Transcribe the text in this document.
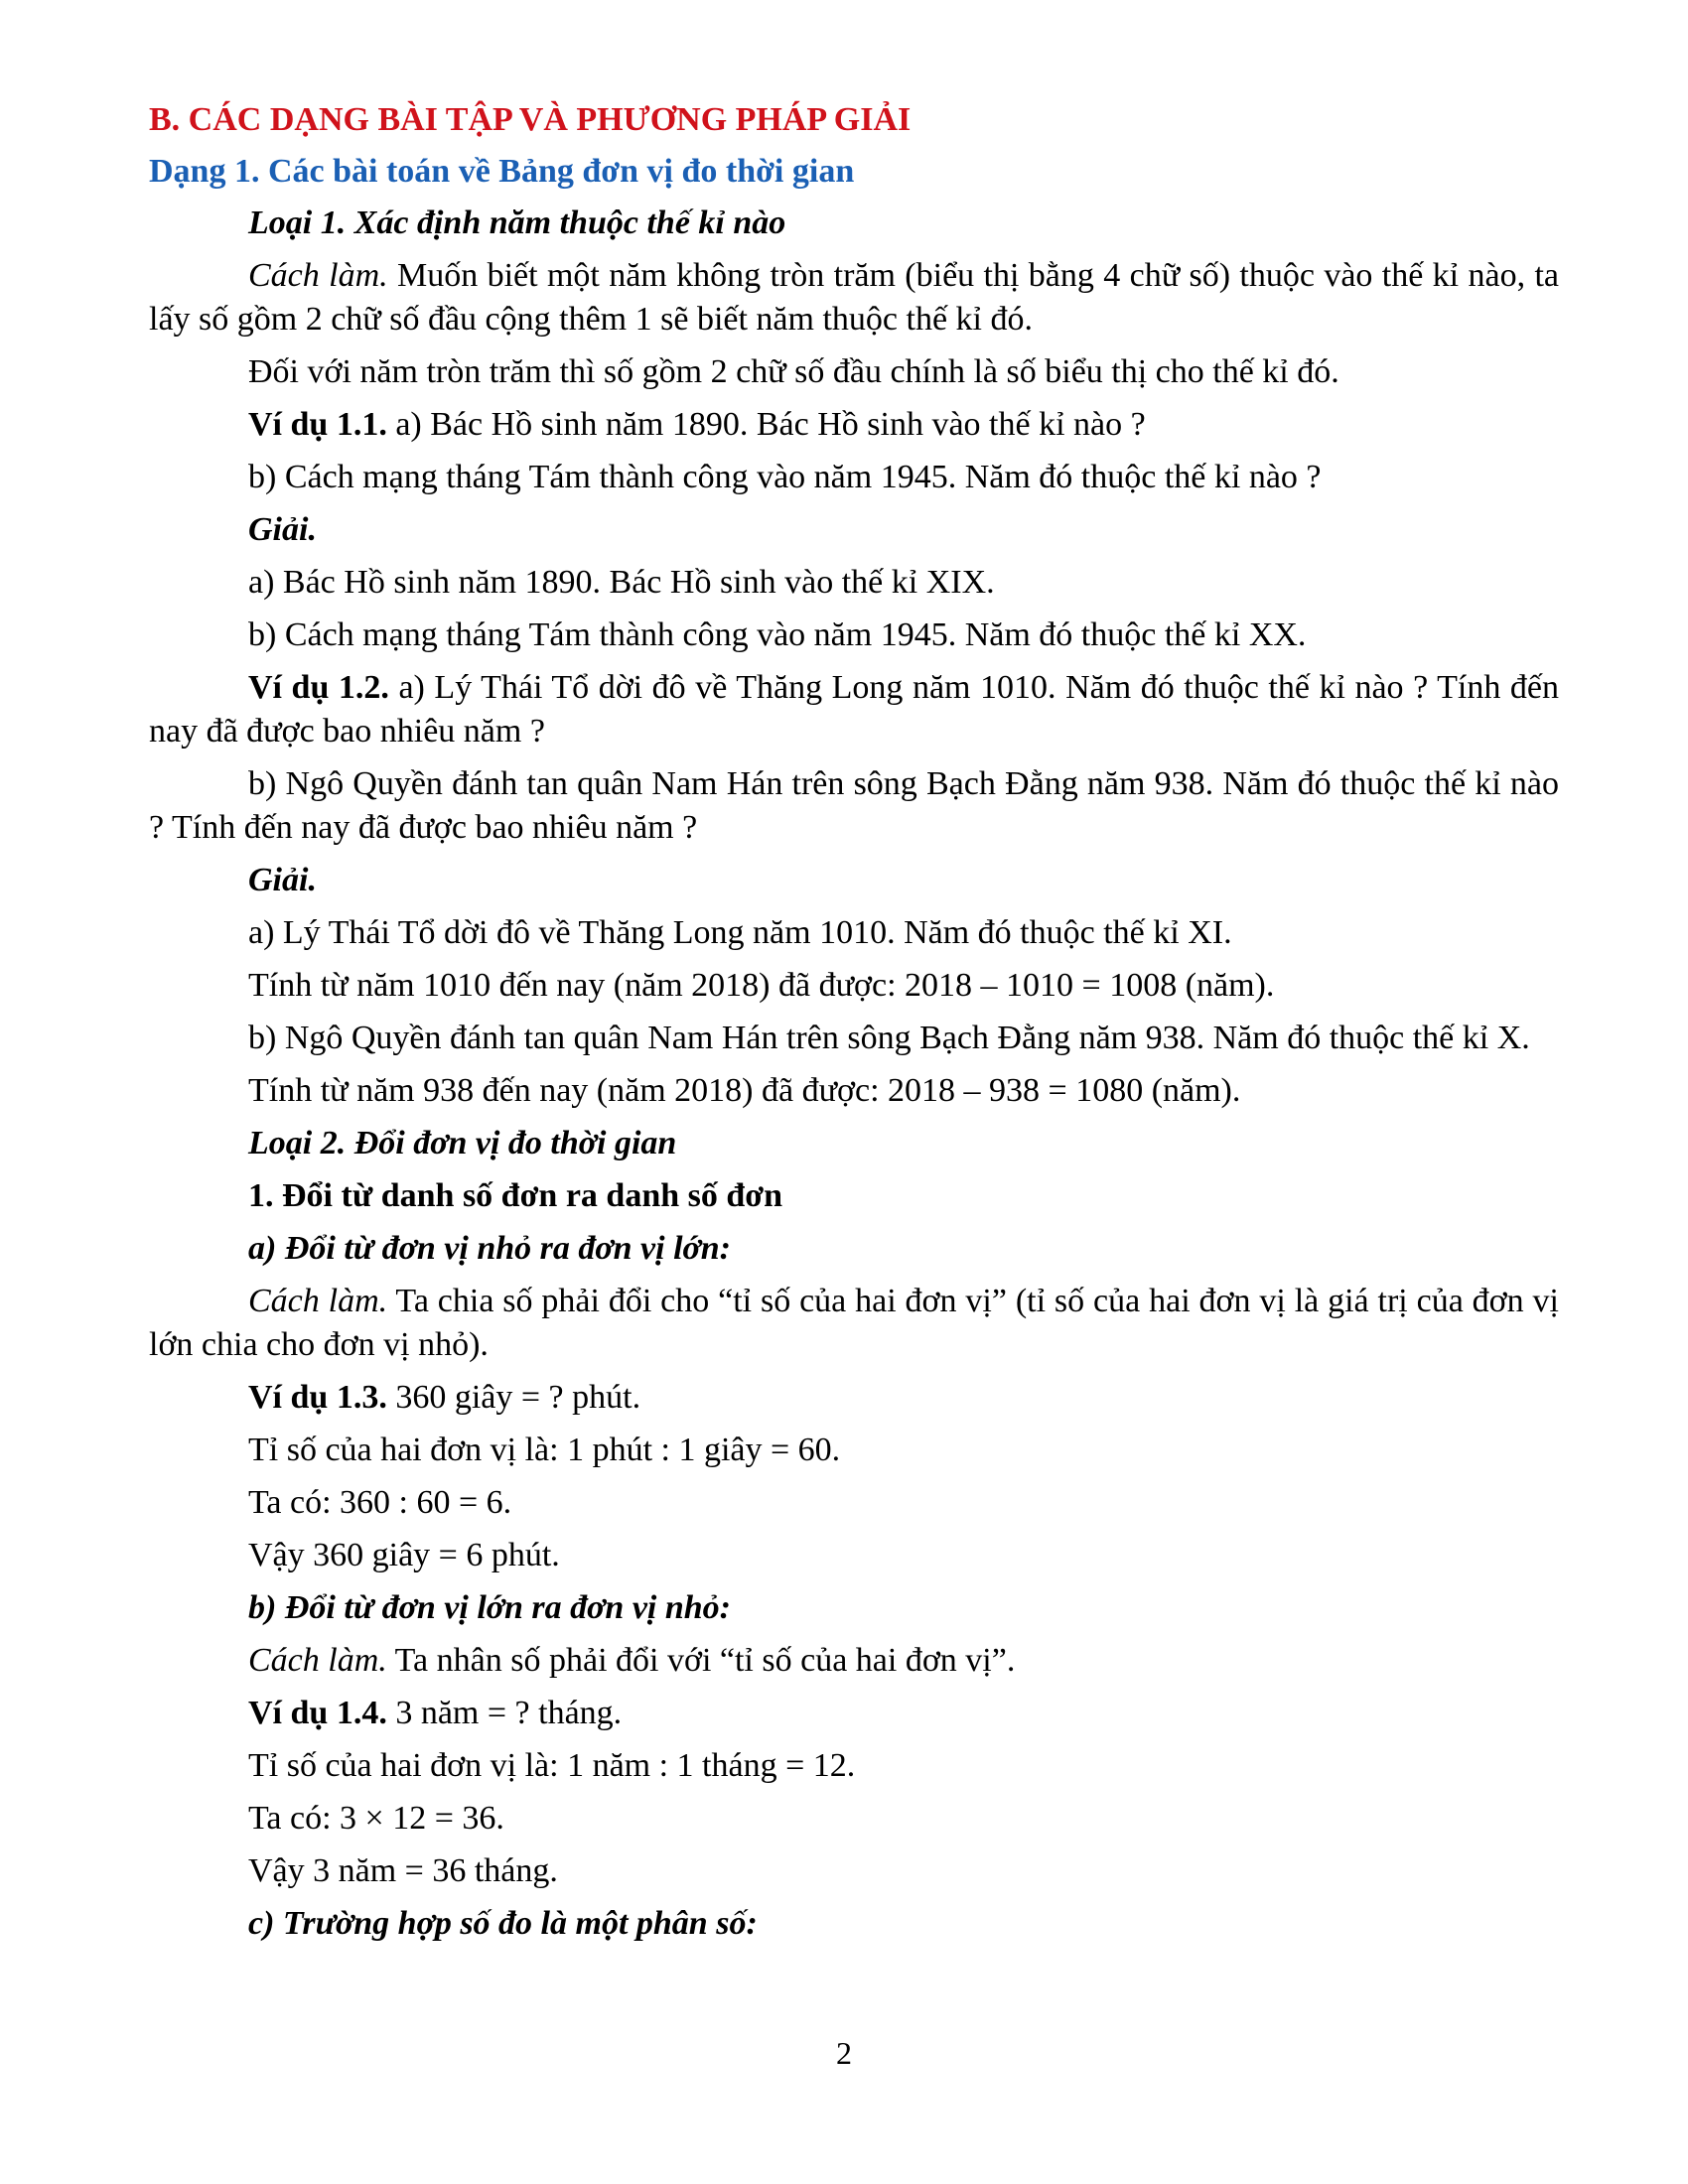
B. CÁC DẠNG BÀI TẬP VÀ PHƯƠNG PHÁP GIẢI
Dạng 1. Các bài toán về Bảng đơn vị đo thời gian

Loại 1. Xác định năm thuộc thế kỉ nào

Cách làm. Muốn biết một năm không tròn trăm (biểu thị bằng 4 chữ số) thuộc vào thế kỉ nào, ta lấy số gồm 2 chữ số đầu cộng thêm 1 sẽ biết năm thuộc thế kỉ đó.

Đối với năm tròn trăm thì số gồm 2 chữ số đầu chính là số biểu thị cho thế kỉ đó.

Ví dụ 1.1. a) Bác Hồ sinh năm 1890. Bác Hồ sinh vào thế kỉ nào ?

b) Cách mạng tháng Tám thành công vào năm 1945. Năm đó thuộc thế kỉ nào ?

Giải.

a) Bác Hồ sinh năm 1890. Bác Hồ sinh vào thế kỉ XIX.

b) Cách mạng tháng Tám thành công vào năm 1945. Năm đó thuộc thế kỉ XX.

Ví dụ 1.2. a) Lý Thái Tổ dời đô về Thăng Long năm 1010. Năm đó thuộc thế kỉ nào ? Tính đến nay đã được bao nhiêu năm ?

b) Ngô Quyền đánh tan quân Nam Hán trên sông Bạch Đằng năm 938. Năm đó thuộc thế kỉ nào ? Tính đến nay đã được bao nhiêu năm ?

Giải.

a) Lý Thái Tổ dời đô về Thăng Long năm 1010. Năm đó thuộc thế kỉ XI.

Tính từ năm 1010 đến nay (năm 2018) đã được: 2018 – 1010 = 1008 (năm).

b) Ngô Quyền đánh tan quân Nam Hán trên sông Bạch Đằng năm 938. Năm đó thuộc thế kỉ X.

Tính từ năm 938 đến nay (năm 2018) đã được: 2018 – 938 = 1080 (năm).

Loại 2. Đổi đơn vị đo thời gian

1. Đổi từ danh số đơn ra danh số đơn

a) Đổi từ đơn vị nhỏ ra đơn vị lớn:

Cách làm. Ta chia số phải đổi cho “tỉ số của hai đơn vị” (tỉ số của hai đơn vị là giá trị của đơn vị lớn chia cho đơn vị nhỏ).

Ví dụ 1.3. 360 giây = ? phút.

Tỉ số của hai đơn vị là: 1 phút : 1 giây = 60.

Ta có: 360 : 60 = 6.

Vậy 360 giây = 6 phút.

b) Đổi từ đơn vị lớn ra đơn vị nhỏ:

Cách làm. Ta nhân số phải đổi với “tỉ số của hai đơn vị”.

Ví dụ 1.4. 3 năm = ? tháng.

Tỉ số của hai đơn vị là: 1 năm : 1 tháng = 12.

Ta có: 3 × 12 = 36.

Vậy 3 năm = 36 tháng.

c) Trường hợp số đo là một phân số:

2
